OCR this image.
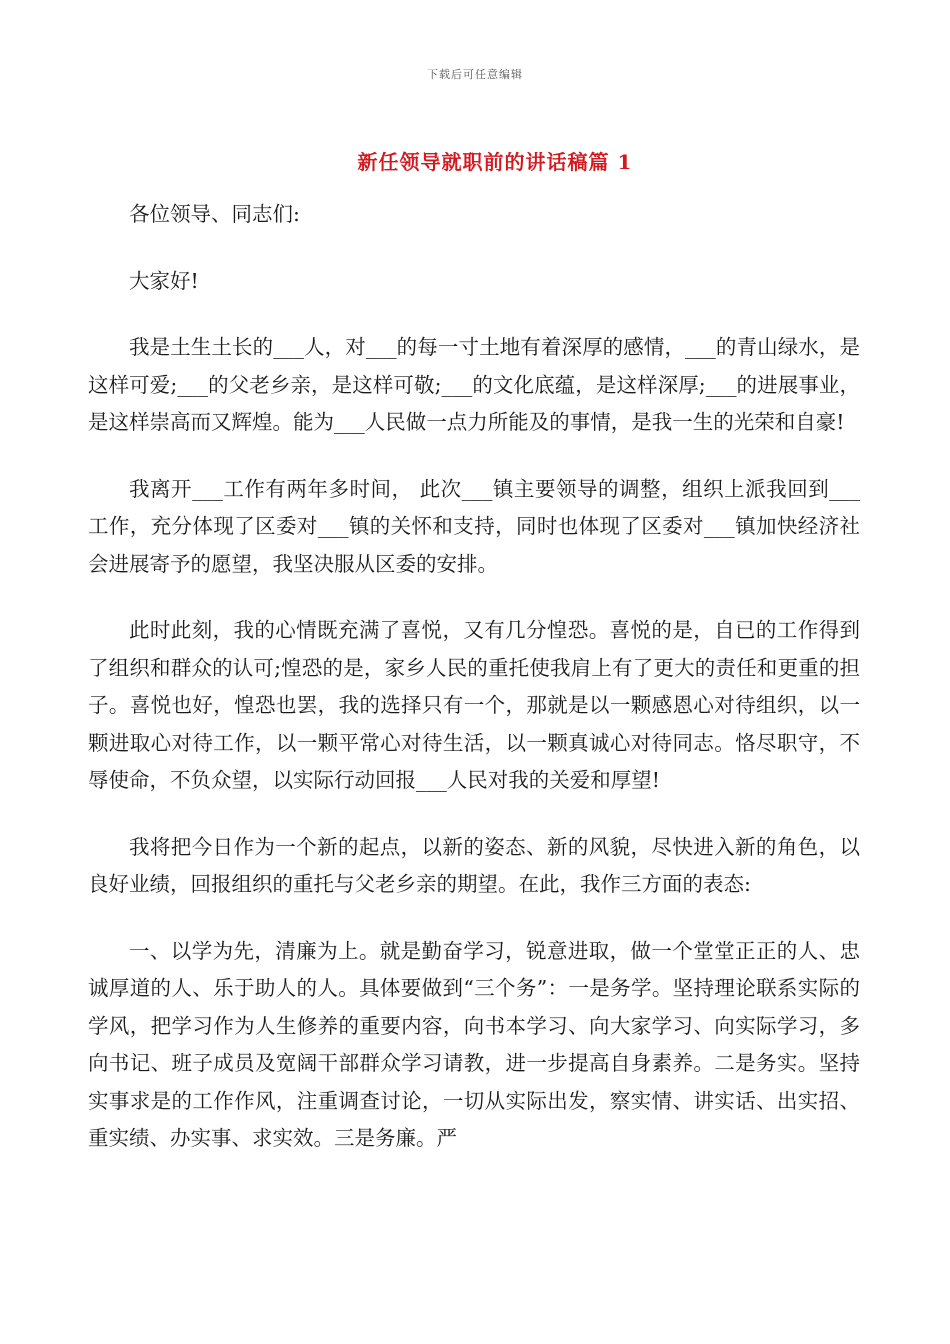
下载后可任意编辑
新任领导就职前的讲话稿篇 1

各位领导、同志们:

大家好!

我是土生土长的___人，对___的每一寸土地有着深厚的感情，___的青山绿水，是这样可爱;___的父老乡亲，是这样可敬;___的文化底蕴，是这样深厚;___的进展事业，是这样崇高而又辉煌。能为___人民做一点力所能及的事情，是我一生的光荣和自豪!

我离开___工作有两年多时间， 此次___镇主要领导的调整，组织上派我回到___工作，充分体现了区委对___镇的关怀和支持，同时也体现了区委对___镇加快经济社会进展寄予的愿望，我坚决服从区委的安排。

此时此刻，我的心情既充满了喜悦，又有几分惶恐。喜悦的是，自已的工作得到了组织和群众的认可;惶恐的是，家乡人民的重托使我肩上有了更大的责任和更重的担子。喜悦也好，惶恐也罢，我的选择只有一个，那就是以一颗感恩心对待组织，以一颗进取心对待工作，以一颗平常心对待生活，以一颗真诚心对待同志。恪尽职守，不辱使命，不负众望，以实际行动回报___人民对我的关爱和厚望!

我将把今日作为一个新的起点，以新的姿态、新的风貌，尽快进入新的角色，以良好业绩，回报组织的重托与父老乡亲的期望。在此，我作三方面的表态:

一、以学为先，清廉为上。就是勤奋学习，锐意进取，做一个堂堂正正的人、忠诚厚道的人、乐于助人的人。具体要做到“三个务”：一是务学。坚持理论联系实际的学风，把学习作为人生修养的重要内容，向书本学习、向大家学习、向实际学习，多向书记、班子成员及宽阔干部群众学习请教，进一步提高自身素养。二是务实。坚持实事求是的工作作风，注重调查讨论，一切从实际出发，察实情、讲实话、出实招、重实绩、办实事、求实效。三是务廉。严
